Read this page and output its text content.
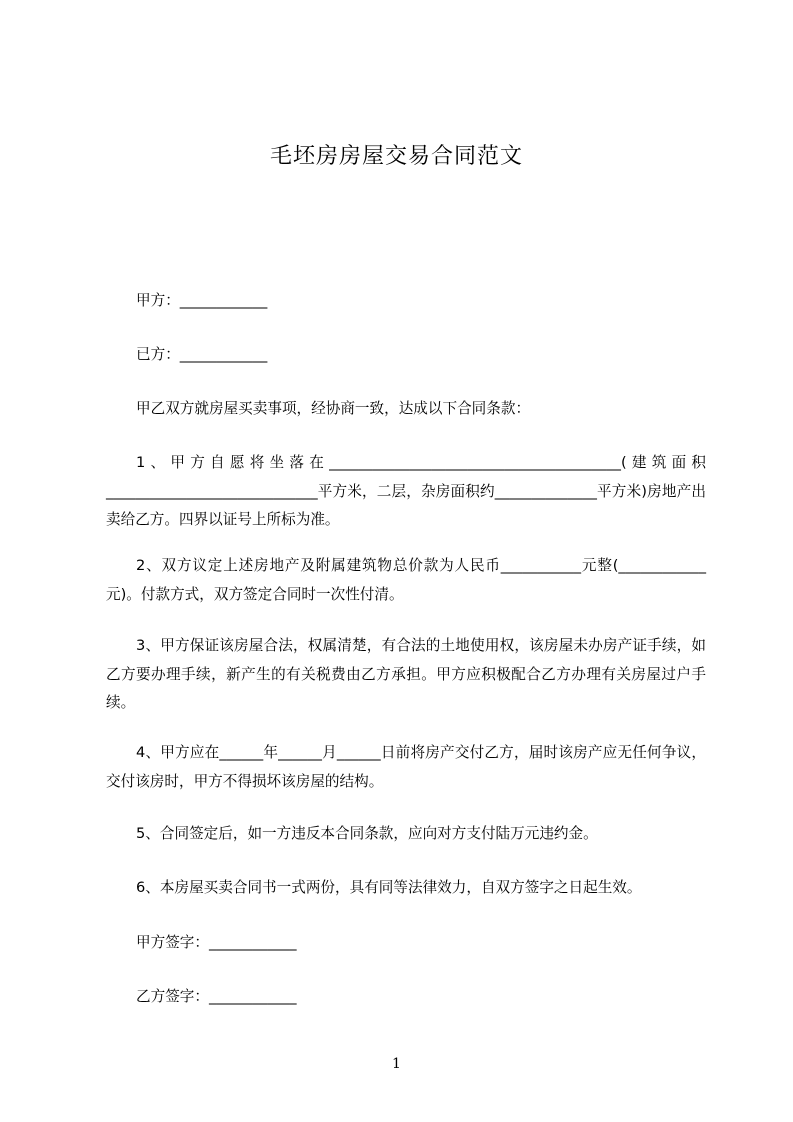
毛坯房房屋交易合同范文
甲方：____________
已方：____________
甲乙双方就房屋买卖事项，经协商一致，达成以下合同条款：
1、甲方自愿将坐落在________________________________________(建筑面积_____________________________平方米，二层，杂房面积约______________平方米)房地产出卖给乙方。四界以证号上所标为准。
2、双方议定上述房地产及附属建筑物总价款为人民币___________元整(____________元)。付款方式，双方签定合同时一次性付清。
3、甲方保证该房屋合法，权属清楚，有合法的土地使用权，该房屋未办房产证手续，如乙方要办理手续，新产生的有关税费由乙方承担。甲方应积极配合乙方办理有关房屋过户手续。
4、甲方应在______年______月______日前将房产交付乙方，届时该房产应无任何争议，交付该房时，甲方不得损坏该房屋的结构。
5、合同签定后，如一方违反本合同条款，应向对方支付陆万元违约金。
6、本房屋买卖合同书一式两份，具有同等法律效力，自双方签字之日起生效。
甲方签字：____________
乙方签字：____________
1
